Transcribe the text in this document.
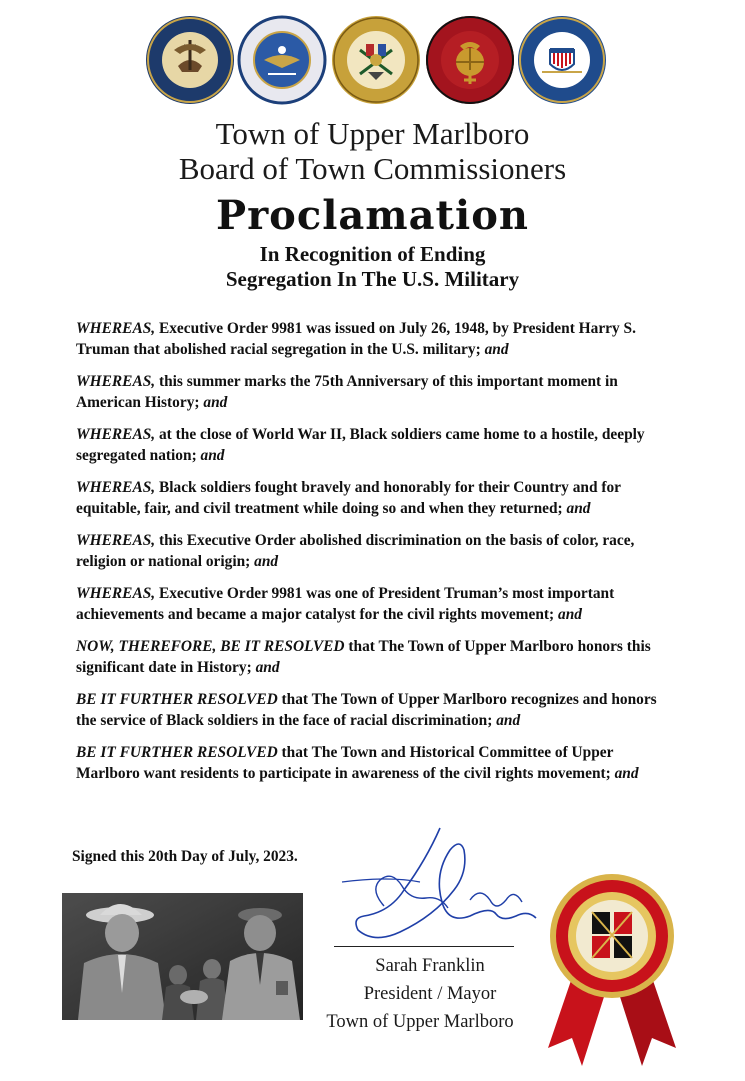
Town of Upper Marlboro
Board of Town Commissioners
Proclamation
In Recognition of Ending
Segregation In The U.S. Military

WHEREAS, Executive Order 9981 was issued on July 26, 1948, by President Harry S. Truman that abolished racial segregation in the U.S. military; and

WHEREAS, this summer marks the 75th Anniversary of this important moment in American History; and

WHEREAS, at the close of World War II, Black soldiers came home to a hostile, deeply segregated nation; and

WHEREAS, Black soldiers fought bravely and honorably for their Country and for equitable, fair, and civil treatment while doing so and when they returned; and

WHEREAS, this Executive Order abolished discrimination on the basis of color, race, religion or national origin; and

WHEREAS, Executive Order 9981 was one of President Truman’s most important achievements and became a major catalyst for the civil rights movement; and

NOW, THEREFORE, BE IT RESOLVED that The Town of Upper Marlboro honors this significant date in History; and

BE IT FURTHER RESOLVED that The Town of Upper Marlboro recognizes and honors the service of Black soldiers in the face of racial discrimination; and

BE IT FURTHER RESOLVED that The Town and Historical Committee of Upper Marlboro want residents to participate in awareness of the civil rights movement; and

Signed this 20th Day of July, 2023.
Sarah Franklin
President / Mayor
Town of Upper Marlboro
